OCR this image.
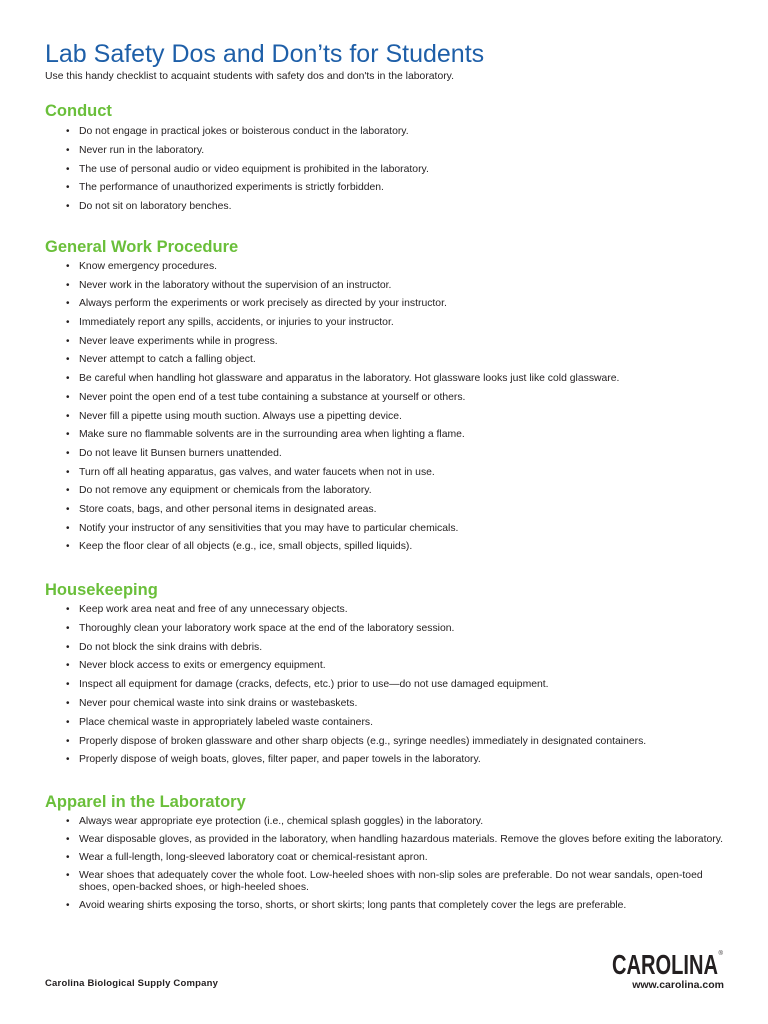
Lab Safety Dos and Don’ts for Students

Use this handy checklist to acquaint students with safety dos and don'ts in the laboratory.

Conduct
• Do not engage in practical jokes or boisterous conduct in the laboratory.
• Never run in the laboratory.
• The use of personal audio or video equipment is prohibited in the laboratory.
• The performance of unauthorized experiments is strictly forbidden.
• Do not sit on laboratory benches.
General Work Procedure
• Know emergency procedures.
• Never work in the laboratory without the supervision of an instructor.
• Always perform the experiments or work precisely as directed by your instructor.
• Immediately report any spills, accidents, or injuries to your instructor.
• Never leave experiments while in progress.
• Never attempt to catch a falling object.
• Be careful when handling hot glassware and apparatus in the laboratory. Hot glassware looks just like cold glassware.
• Never point the open end of a test tube containing a substance at yourself or others.
• Never fill a pipette using mouth suction. Always use a pipetting device.
• Make sure no flammable solvents are in the surrounding area when lighting a flame.
• Do not leave lit Bunsen burners unattended.
• Turn off all heating apparatus, gas valves, and water faucets when not in use.
• Do not remove any equipment or chemicals from the laboratory.
• Store coats, bags, and other personal items in designated areas.
• Notify your instructor of any sensitivities that you may have to particular chemicals.
• Keep the floor clear of all objects (e.g., ice, small objects, spilled liquids).
Housekeeping
• Keep work area neat and free of any unnecessary objects.
• Thoroughly clean your laboratory work space at the end of the laboratory session.
• Do not block the sink drains with debris.
• Never block access to exits or emergency equipment.
• Inspect all equipment for damage (cracks, defects, etc.) prior to use—do not use damaged equipment.
• Never pour chemical waste into sink drains or wastebaskets.
• Place chemical waste in appropriately labeled waste containers.
• Properly dispose of broken glassware and other sharp objects (e.g., syringe needles) immediately in designated containers.
• Properly dispose of weigh boats, gloves, filter paper, and paper towels in the laboratory.
Apparel in the Laboratory
• Always wear appropriate eye protection (i.e., chemical splash goggles) in the laboratory.
• Wear disposable gloves, as provided in the laboratory, when handling hazardous materials. Remove the gloves before exiting the laboratory.
• Wear a full-length, long-sleeved laboratory coat or chemical-resistant apron.
• Wear shoes that adequately cover the whole foot. Low-heeled shoes with non-slip soles are preferable. Do not wear sandals, open-toed shoes, open-backed shoes, or high-heeled shoes.
• Avoid wearing shirts exposing the torso, shorts, or short skirts; long pants that completely cover the legs are preferable.
Carolina Biological Supply Company
CAROLINA ®
www.carolina.com
